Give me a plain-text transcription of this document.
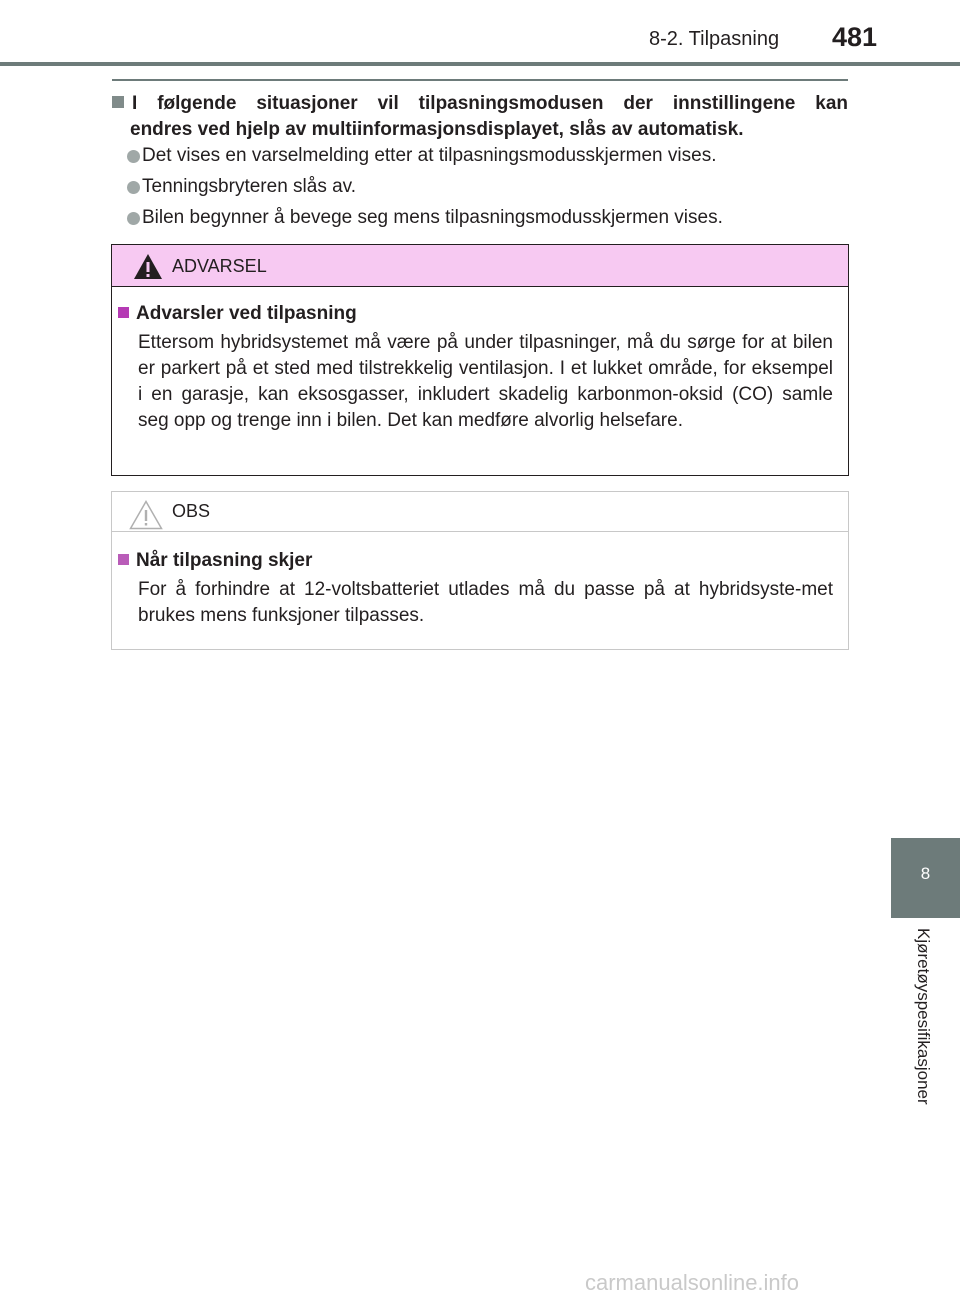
8-2. Tilpasning 481
8
Kjøretøyspesifikasjoner
I følgende situasjoner vil tilpasningsmodusen der innstillingene kan
endres ved hjelp av multiinformasjonsdisplayet, slås av automatisk.
Det vises en varselmelding etter at tilpasningsmodusskjermen vises.
Tenningsbryteren slås av.
Bilen begynner å bevege seg mens tilpasningsmodusskjermen vises.
ADVARSEL
Advarsler ved tilpasning
Ettersom hybridsystemet må være på under tilpasninger, må du sørge for at bilen er parkert på et sted med tilstrekkelig ventilasjon. I et lukket område, for eksempel i en garasje, kan eksosgasser, inkludert skadelig karbonmon-oksid (CO) samle seg opp og trenge inn i bilen. Det kan medføre alvorlig helsefare.
OBS
Når tilpasning skjer
For å forhindre at 12-voltsbatteriet utlades må du passe på at hybridsyste-met brukes mens funksjoner tilpasses.
carmanualsonline.info
